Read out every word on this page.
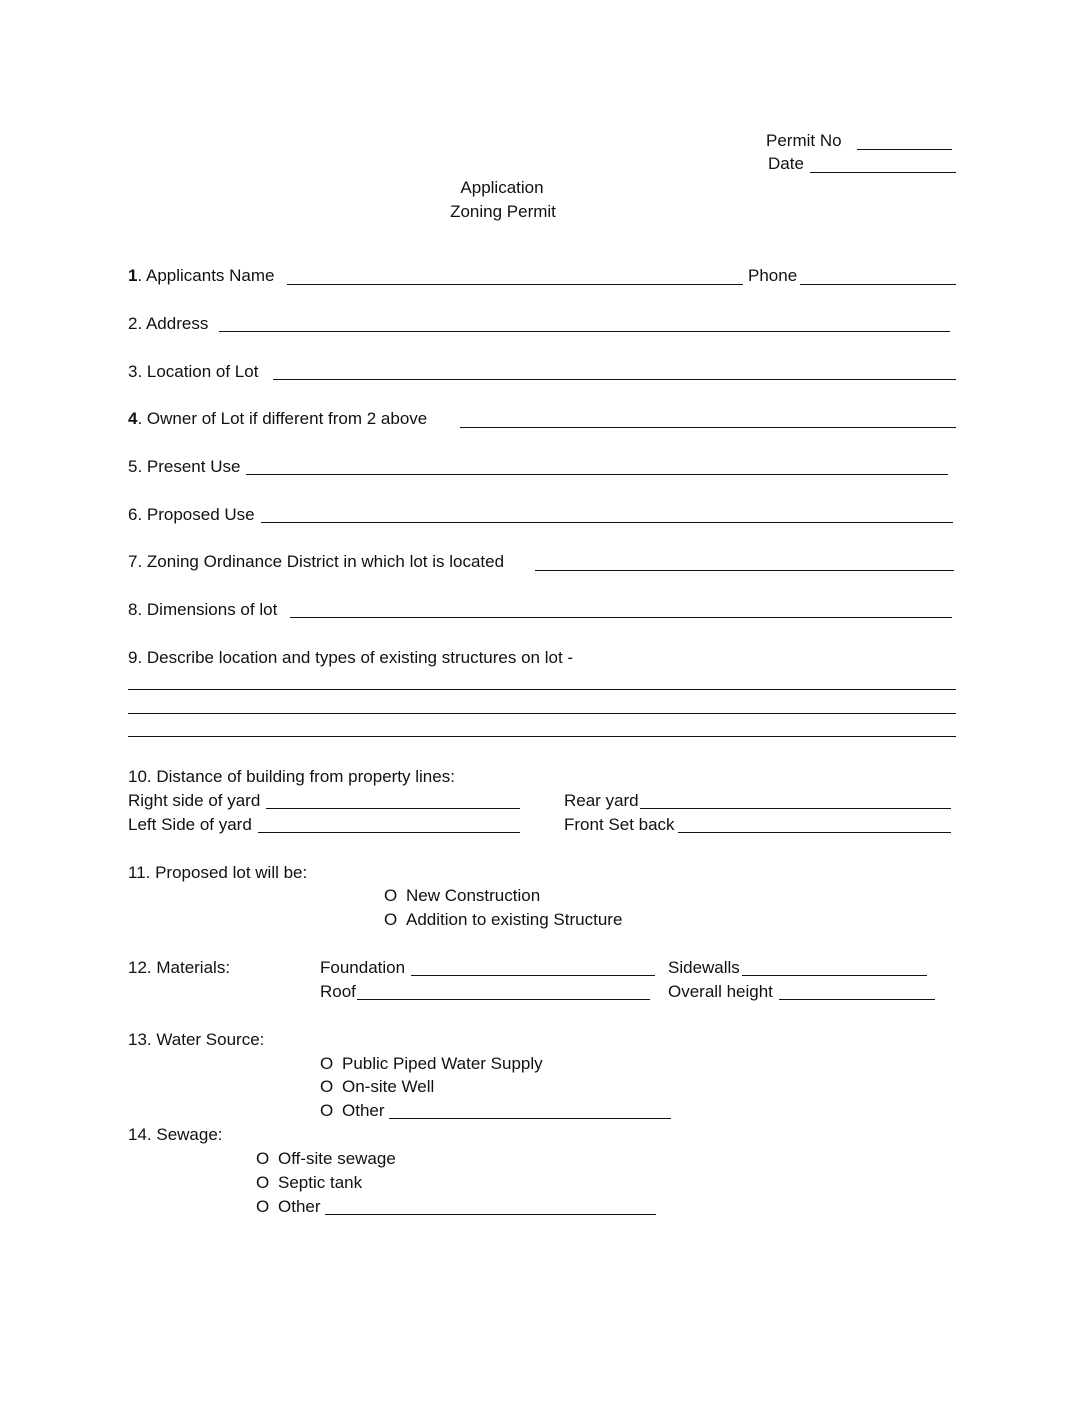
Permit No
Date
Application
Zoning Permit
1. Applicants Name	Phone
2. Address
3. Location of Lot
4. Owner of Lot if different from 2 above
5. Present Use
6. Proposed Use
7. Zoning Ordinance District in which lot is located
8. Dimensions of lot
9. Describe location and types of existing structures on lot -
10. Distance of building from property lines:
Right side of yard	Rear yard
Left Side of yard	Front Set back
11. Proposed lot will be:
O New Construction
O Addition to existing Structure
12. Materials:	Foundation	Sidewalls
Roof	Overall height
13. Water Source:
O Public Piped Water Supply
O On-site Well
O Other
14. Sewage:
O Off-site sewage
O Septic tank
O Other
